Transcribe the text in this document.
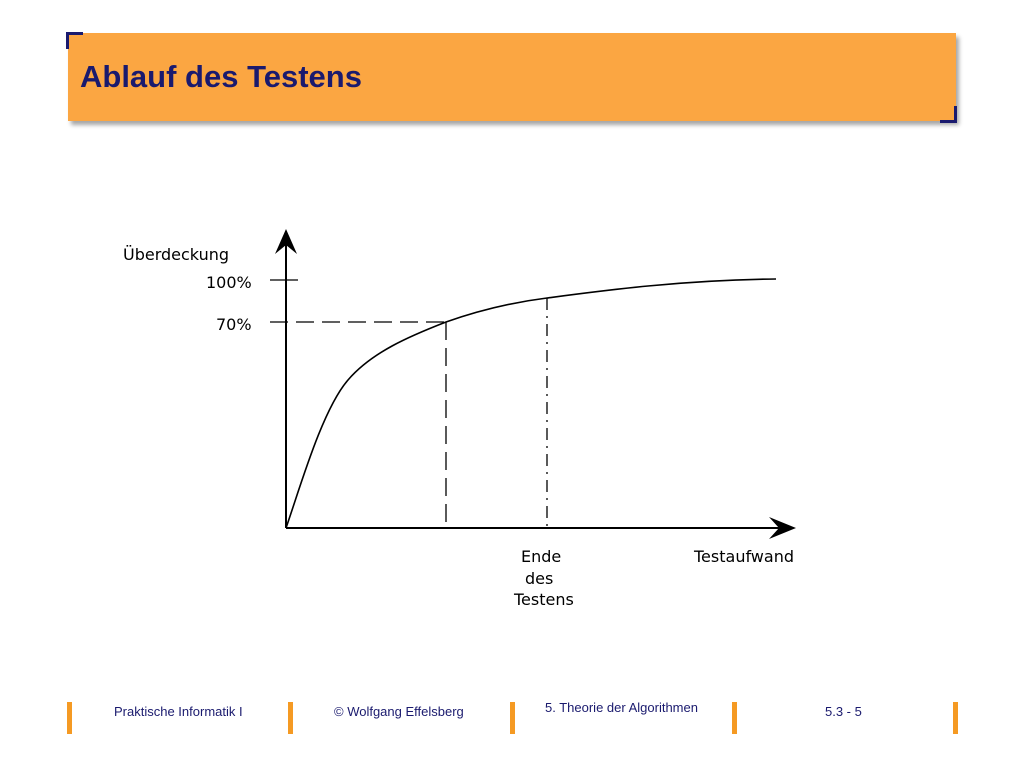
Ablauf des Testens
Überdeckung
100%
70%
Testaufwand
Ende
des
Testens
Praktische Informatik I	© Wolfgang Effelsberg	5. Theorie der Algorithmen	5.3 - 5
